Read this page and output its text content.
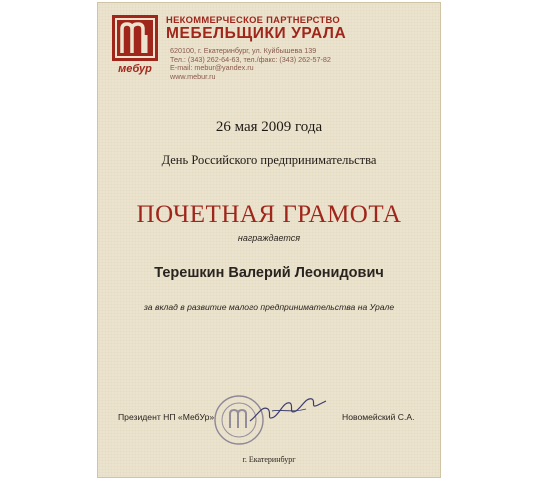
мебур
НЕКОММЕРЧЕСКОЕ ПАРТНЕРСТВО
МЕБЕЛЬЩИКИ УРАЛА
620100, г. Екатеринбург, ул. Куйбышева 139
Тел.: (343) 262-64-63, тел./факс: (343) 262-57-82
E-mail: mebur@yandex.ru
www.mebur.ru
26 мая 2009 года
День Российского предпринимательства
ПОЧЕТНАЯ ГРАМОТА
награждается
Терешкин Валерий Леонидович
за вклад в развитие малого предпринимательства на Урале
Президент НП «МебУр»	Новомейский С.А.
г. Екатеринбург
